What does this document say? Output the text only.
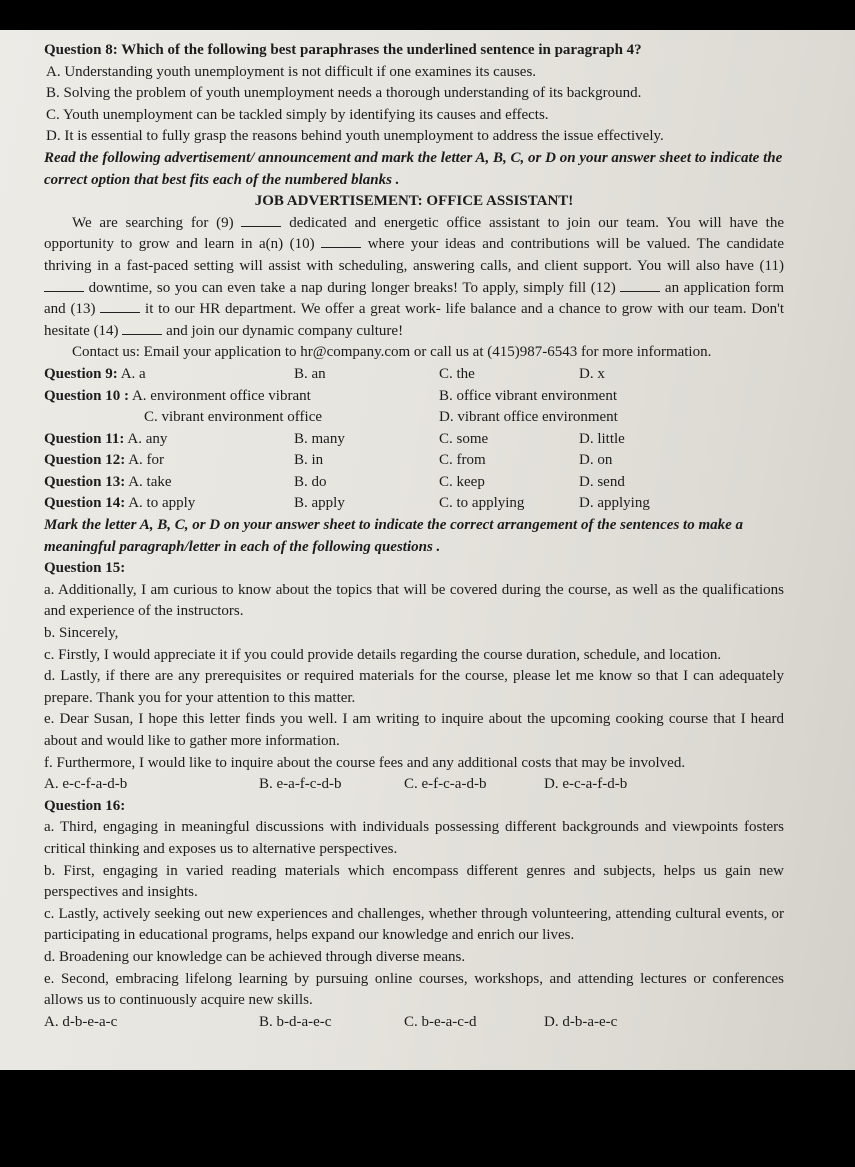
Question 8: Which of the following best paraphrases the underlined sentence in paragraph 4?

A. Understanding youth unemployment is not difficult if one examines its causes.

B. Solving the problem of youth unemployment needs a thorough understanding of its background.

C. Youth unemployment can be tackled simply by identifying its causes and effects.

D. It is essential to fully grasp the reasons behind youth unemployment to address the issue effectively.

Read the following advertisement/ announcement and mark the letter A, B, C, or D on your answer sheet to indicate the correct option that best fits each of the numbered blanks .

JOB ADVERTISEMENT: OFFICE ASSISTANT!

We are searching for (9)	dedicated and energetic office assistant to join our team. You will have the opportunity to grow and learn in a(n) (10)	where your ideas and contributions will be valued. The candidate thriving in a fast-paced setting will assist with scheduling, answering calls, and client support. You will also have (11)  downtime, so you can even take a nap during longer breaks! To apply, simply fill (12)	an application form and (13)	it to our HR department. We offer a great work- life balance and a chance to grow with our team. Don't hesitate (14)	and join our dynamic company culture!

Contact us: Email your application to hr@company.com or call us at (415)987-6543 for more information.

Question 9: A. a	B. an	C. the	D. x
Question 10 : A. environment office vibrant	B. office vibrant environment
C. vibrant environment office	D. vibrant office environment
Question 11: A. any	B. many	C. some	D. little
Question 12: A. for	B. in	C. from	D. on
Question 13: A. take	B. do	C. keep	D. send
Question 14: A. to apply	B. apply	C. to applying	D. applying

Mark the letter A, B, C, or D on your answer sheet to indicate the correct arrangement of the sentences to make a meaningful paragraph/letter in each of the following questions .

Question 15:

a. Additionally, I am curious to know about the topics that will be covered during the course, as well as the qualifications and experience of the instructors.

b. Sincerely,

c. Firstly, I would appreciate it if you could provide details regarding the course duration, schedule, and location.

d. Lastly, if there are any prerequisites or required materials for the course, please let me know so that I can adequately prepare. Thank you for your attention to this matter.

e. Dear Susan, I hope this letter finds you well. I am writing to inquire about the upcoming cooking course that I heard about and would like to gather more information.

f. Furthermore, I would like to inquire about the course fees and any additional costs that may be involved.

A. e-c-f-a-d-b	B. e-a-f-c-d-b	C. e-f-c-a-d-b	D. e-c-a-f-d-b

Question 16:

a. Third, engaging in meaningful discussions with individuals possessing different backgrounds and viewpoints fosters critical thinking and exposes us to alternative perspectives.

b. First, engaging in varied reading materials which encompass different genres and subjects, helps us gain new perspectives and insights.

c. Lastly, actively seeking out new experiences and challenges, whether through volunteering, attending cultural events, or participating in educational programs, helps expand our knowledge and enrich our lives.

d. Broadening our knowledge can be achieved through diverse means.

e. Second, embracing lifelong learning by pursuing online courses, workshops, and attending lectures or conferences allows us to continuously acquire new skills.

A. d-b-e-a-c	B. b-d-a-e-c	C. b-e-a-c-d	D. d-b-a-e-c
